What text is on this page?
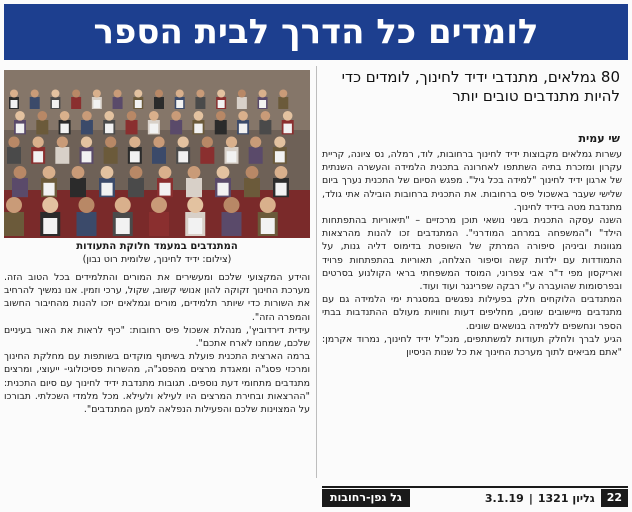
לומדים כל הדרך לבית הספר
המתנדבים במעמד חלוקת התעודות
(צילום: ידיד לחינוך, שלומית רוט נבון)
80 גמלאים, מתנדבי ידיד לחינוך, לומדים כדי להיות מתנדבים טובים יותר
שי עמית

עשרות גמלאים מקבוצות ידיד לחינוך ברחובות, לוד, רמלה, נס ציונה, קריית עקרון ומזכרת בתיה השתתפו לאחרונה בתכנית הלמידה והעשרה השנתית של ארגון ידיד לחינוך "למידה בכל גיל". מפגש הסיום של התכנית נערך ביום שלישי שעבר באשכול פיס ברחובות. את התכנית ברחובות הובילה אתי גולד, מתנדבת מטה בידיד לחינוך.

השנה עסקה התכנית בשני נושאי תוכן מרכזיים – "תיאוריות בהתפתחות הילד" ו"המשפחה במרחב המודרני". המתנדבים זכו להנות מהרצאות מגוונות וביניהן סיפורה המרתק של השופטת בדימוס דליה גנות, על התמודדות עם ילדות קשה וסיפור הצלחה, תאוריות בהתפתחות פרויד ואריקסון מפי ד"ר אבי צפרוני, המוסד המשפחתי בראי הקולנוע בסרטים ובפרסומות שהועברה ע"י רבקה שפרינגר ועוד ועוד.

המתנדבים הלוקחים חלק בפעילות נפגשים במסגרת ימי הלמידה גם עם מתנדבים מיישובים שונים, מחליפים דעות וחוויות מעולם ההתנדבות בבתי הספר ונחשפים ללמידה בנושאים שונים.

הגיע לברך ולחלק תעודות למשתתפים, מנכ"ל ידיד לחינוך, נמרוד אקרמן: "אתם מביאים לתוך מערכת החינוך את כל שנות הניסיון

והידע המקצועי שלכם ומעשירים את המורים והתלמידים בכל הטוב הזה. מערכת החינוך זקוקה להון אנושי קשוב, שקול, ערכי וזמין. אנו נמשיך להרחיב את השורות כדי שיותר תלמידים, מורים וגמלאים יזכו להנות מהחיבור החשוב והמפרה הזה".

עידית דירדוביץ', מנהלת אשכול פיס רחובות: "כיף לראות את האור בעיניים שלכם, שמחנו לארח אתכם".

ברמה הארצית התכנית פועלת בשיתוף מוקדים בשותפות עם מחלקת החינוך ומרכזי פסג"ה ומאגדת מרצים מהפסג"ה, מהשרות פסיכולוגי- ייעוצי, ומרצים מתנדבים מתחומי דעת נוספים. תגובות מתנדבת ידיד לחינוך עם סיום התכנית: "ההרצאות ובחירת המרצים היו לעילא ולעילא. מכל מלמדי השכלתי. תבורכו על המצוינות שלכם והפעילות הנפלאה למען המתנדבים".

22
גליון 1321
|
3.1.19
גל גפן-רחובות
